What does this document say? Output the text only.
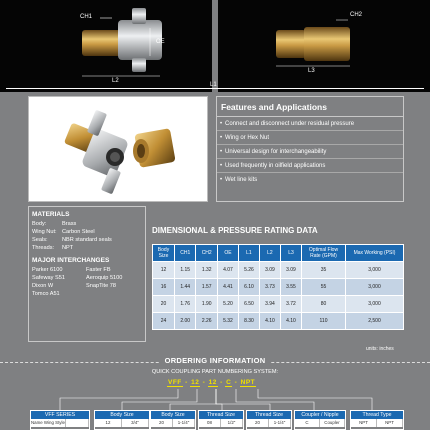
CH1
OE
L2
CH2
L3
L1
Features and Applications
• Connect and disconnect under residual pressure
• Wing or Hex Nut
• Universal design for interchangeability
• Used frequently in oilfield applications
• Wet line kits
MATERIALS
Body:	Brass
Wing Nut: Carbon Steel
Seals:	NBR standard seals
Threads:	NPT
MAJOR INTERCHANGES
Parker 6100	Faster FB
Safeway S51	Aeroquip 5100
Dixon W	SnapTite 78
Tomco A51
DIMENSIONAL & PRESSURE RATING DATA
Body Size	CH1	CH2	OE	L1	L2	L3	Optimal Flow Rate (GPM)	Max Working (PSI)
12	1.15	1.32	4.07	5.26	3.09	3.09	35	3,000
16	1.44	1.57	4.41	6.10	3.73	3.55	55	3,000
20	1.76	1.90	5.20	6.50	3.94	3.72	80	3,000
24	2.00	2.26	5.32	8.30	4.10	4.10	110	2,500
units: inches
ORDERING INFORMATION
QUICK COUPLING PART NUMBERING SYSTEM:
VFF - 12 - 12 - C - NPT
VFF SERIES
Name Wing Style
Body Size
12	3/4"
Body Size
20	1-1/4"
Thread Size
08	1/2"
Thread Size
20	1-1/4"
Coupler / Nipple
C	Coupler
Thread Type
NPT	NPT
